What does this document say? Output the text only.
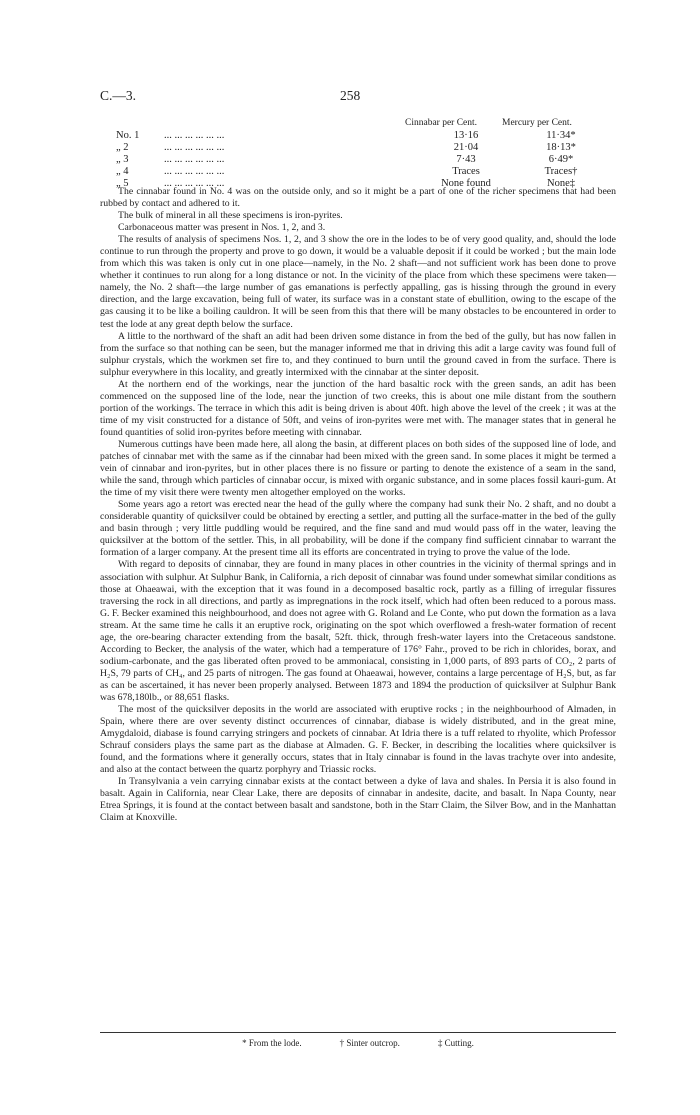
C.—3.	258
Cinnabar per Cent.	Mercury per Cent.
No. 1 ... ... ... ... ... ...	13·16	11·34*
„ 2	... ... ... ... ... ...	21·04	18·13*
„ 3	... ... ... ... ... ...	7·43	6·49*
„ 4	... ... ... ... ... ...	Traces	Traces†
„ 5	... ... ... ... ... ...	None found	None‡

The cinnabar found in No. 4 was on the outside only, and so it might be a part of one of the richer specimens that had been rubbed by contact and adhered to it.

The bulk of mineral in all these specimens is iron-pyrites.

Carbonaceous matter was present in Nos. 1, 2, and 3.

The results of analysis of specimens Nos. 1, 2, and 3 show the ore in the lodes to be of very good quality, and, should the lode continue to run through the property and prove to go down, it would be a valuable deposit if it could be worked ; but the main lode from which this was taken is only cut in one place—namely, in the No. 2 shaft—and not sufficient work has been done to prove whether it continues to run along for a long distance or not. In the vicinity of the place from which these specimens were taken—namely, the No. 2 shaft—the large number of gas emanations is perfectly appalling, gas is hissing through the ground in every direction, and the large excavation, being full of water, its surface was in a constant state of ebullition, owing to the escape of the gas causing it to be like a boiling cauldron. It will be seen from this that there will be many obstacles to be encountered in order to test the lode at any great depth below the surface.

A little to the northward of the shaft an adit had been driven some distance in from the bed of the gully, but has now fallen in from the surface so that nothing can be seen, but the manager informed me that in driving this adit a large cavity was found full of sulphur crystals, which the workmen set fire to, and they continued to burn until the ground caved in from the surface. There is sulphur everywhere in this locality, and greatly intermixed with the cinnabar at the sinter deposit.

At the northern end of the workings, near the junction of the hard basaltic rock with the green sands, an adit has been commenced on the supposed line of the lode, near the junction of two creeks, this is about one mile distant from the southern portion of the workings. The terrace in which this adit is being driven is about 40ft. high above the level of the creek ; it was at the time of my visit constructed for a distance of 50ft, and veins of iron-pyrites were met with. The manager states that in general he found quantities of solid iron-pyrites before meeting with cinnabar.

Numerous cuttings have been made here, all along the basin, at different places on both sides of the supposed line of lode, and patches of cinnabar met with the same as if the cinnabar had been mixed with the green sand. In some places it might be termed a vein of cinnabar and iron-pyrites, but in other places there is no fissure or parting to denote the existence of a seam in the sand, while the sand, through which particles of cinnabar occur, is mixed with organic substance, and in some places fossil kauri-gum. At the time of my visit there were twenty men altogether employed on the works.

Some years ago a retort was erected near the head of the gully where the company had sunk their No. 2 shaft, and no doubt a considerable quantity of quicksilver could be obtained by erecting a settler, and putting all the surface-matter in the bed of the gully and basin through ; very little puddling would be required, and the fine sand and mud would pass off in the water, leaving the quicksilver at the bottom of the settler. This, in all probability, will be done if the company find sufficient cinnabar to warrant the formation of a larger company. At the present time all its efforts are concentrated in trying to prove the value of the lode.

With regard to deposits of cinnabar, they are found in many places in other countries in the vicinity of thermal springs and in association with sulphur. At Sulphur Bank, in California, a rich deposit of cinnabar was found under somewhat similar conditions as those at Ohaeawai, with the exception that it was found in a decomposed basaltic rock, partly as a filling of irregular fissures traversing the rock in all directions, and partly as impregnations in the rock itself, which had often been reduced to a porous mass. G. F. Becker examined this neighbourhood, and does not agree with G. Roland and Le Conte, who put down the formation as a lava stream. At the same time he calls it an eruptive rock, originating on the spot which overflowed a fresh-water formation of recent age, the ore-bearing character extending from the basalt, 52ft. thick, through fresh-water layers into the Cretaceous sandstone. According to Becker, the analysis of the water, which had a temperature of 176° Fahr., proved to be rich in chlorides, borax, and sodium-carbonate, and the gas liberated often proved to be ammoniacal, consisting in 1,000 parts, of 893 parts of CO₂, 2 parts of H₂S, 79 parts of CH₄, and 25 parts of nitrogen. The gas found at Ohaeawai, however, contains a large percentage of H₂S, but, as far as can be ascertained, it has never been properly analysed. Between 1873 and 1894 the production of quicksilver at Sulphur Bank was 678,180lb., or 88,651 flasks.

The most of the quicksilver deposits in the world are associated with eruptive rocks ; in the neighbourhood of Almaden, in Spain, where there are over seventy distinct occurrences of cinnabar, diabase is widely distributed, and in the great mine, Amygdaloid, diabase is found carrying stringers and pockets of cinnabar. At Idria there is a tuff related to rhyolite, which Professor Schrauf considers plays the same part as the diabase at Almaden. G. F. Becker, in describing the localities where quicksilver is found, and the formations where it generally occurs, states that in Italy cinnabar is found in the lavas trachyte over into andesite, and also at the contact between the quartz porphyry and Triassic rocks.

In Transylvania a vein carrying cinnabar exists at the contact between a dyke of lava and shales. In Persia it is also found in basalt. Again in California, near Clear Lake, there are deposits of cinnabar in andesite, dacite, and basalt. In Napa County, near Etrea Springs, it is found at the contact between basalt and sandstone, both in the Starr Claim, the Silver Bow, and in the Manhattan Claim at Knoxville.

* From the lode.	† Sinter outcrop.	‡ Cutting.
